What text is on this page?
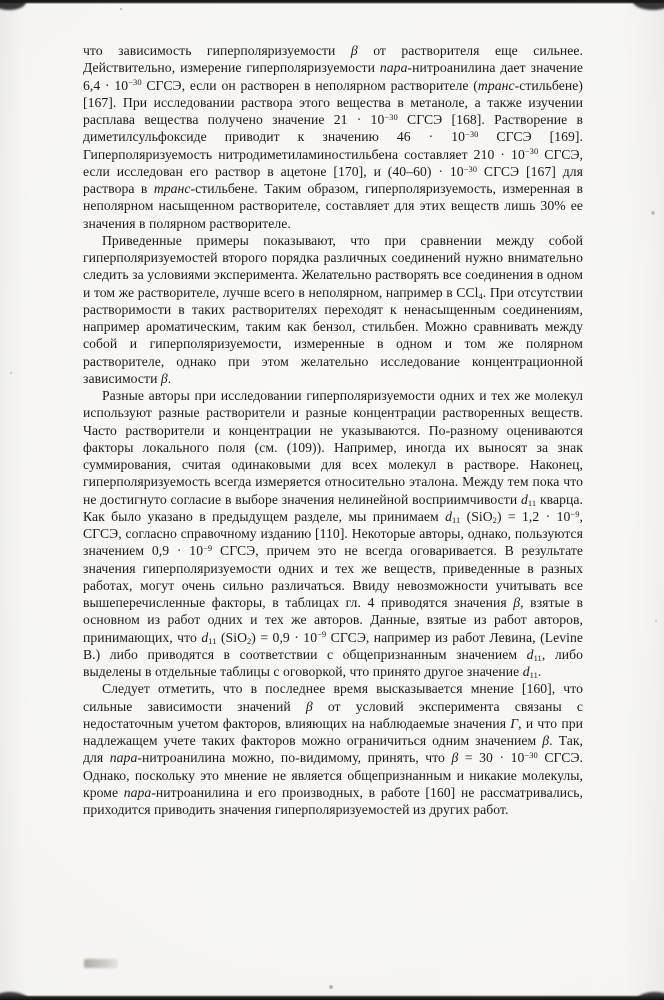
что зависимость гиперполяризуемости β от растворителя еще сильнее. Действительно, измерение гиперполяризуемости пара-нитроанилина дает значение $6,4 \cdot 10^{-30}$ СГСЭ, если он растворен в неполярном растворителе (транс-стильбене) [167]. При исследовании раствора этого вещества в метаноле, а также изучении расплава вещества получено значение $21 \cdot 10^{-30}$ СГСЭ [168]. Растворение в диметилсульфоксиде приводит к значению $46 \cdot 10^{-30}$ СГСЭ [169]. Гиперполяризуемость нитродиметиламиностильбена составляет $210 \cdot 10^{-30}$ СГСЭ, если исследован его раствор в ацетоне [170], и $(40-60) \cdot 10^{-30}$ СГСЭ [167] для раствора в транс-стильбене. Таким образом, гиперполяризуемость, измеренная в неполярном насыщенном растворителе, составляет для этих веществ лишь 30% ее значения в полярном растворителе.

Приведенные примеры показывают, что при сравнении между собой гиперполяризуемостей второго порядка различных соединений нужно внимательно следить за условиями эксперимента. Желательно растворять все соединения в одном и том же растворителе, лучше всего в неполярном, например в CCl$_4$. При отсутствии растворимости в таких растворителях переходят к ненасыщенным соединениям, например ароматическим, таким как бензол, стильбен. Можно сравнивать между собой и гиперполяризуемости, измеренные в одном и том же полярном растворителе, однако при этом желательно исследование концентрационной зависимости β.

Разные авторы при исследовании гиперполяризуемости одних и тех же молекул используют разные растворители и разные концентрации растворенных веществ. Часто растворители и концентрации не указываются. По-разному оцениваются факторы локального поля (см. (109)). Например, иногда их выносят за знак суммирования, считая одинаковыми для всех молекул в растворе. Наконец, гиперполяризуемость всегда измеряется относительно эталона. Между тем пока что не достигнуто согласие в выборе значения нелинейной восприимчивости $d_{11}$ кварца. Как было указано в предыдущем разделе, мы принимаем $d_{11}$ $(SiO_2) = 1,2 \cdot 10^{-9}$, СГСЭ, согласно справочному изданию [110]. Некоторые авторы, однако, пользуются значением $0,9 \cdot 10^{-9}$ СГСЭ, причем это не всегда оговаривается. В результате значения гиперполяризуемости одних и тех же веществ, приведенные в разных работах, могут очень сильно различаться. Ввиду невозможности учитывать все вышеперечисленные факторы, в таблицах гл. 4 приводятся значения β, взятые в основном из работ одних и тех же авторов. Данные, взятые из работ авторов, принимающих, что $d_{11}$ $(SiO_2) = 0,9 \cdot 10^{-9}$ СГСЭ, например из работ Левина, (Levine B.) либо приводятся в соответствии с общепризнанным значением $d_{11}$, либо выделены в отдельные таблицы с оговоркой, что принято другое значение $d_{11}$.

Следует отметить, что в последнее время высказывается мнение [160], что сильные зависимости значений β от условий эксперимента связаны с недостаточным учетом факторов, влияющих на наблюдаемые значения Γ, и что при надлежащем учете таких факторов можно ограничиться одним значением β. Так, для пара-нитроанилина можно, по-видимому, принять, что $\beta = 30 \cdot 10^{-30}$ СГСЭ. Однако, поскольку это мнение не является общепризнанным и никакие молекулы, кроме пара-нитроанилина и его производных, в работе [160] не рассматривались, приходится приводить значения гиперполяризуемостей из других работ.
